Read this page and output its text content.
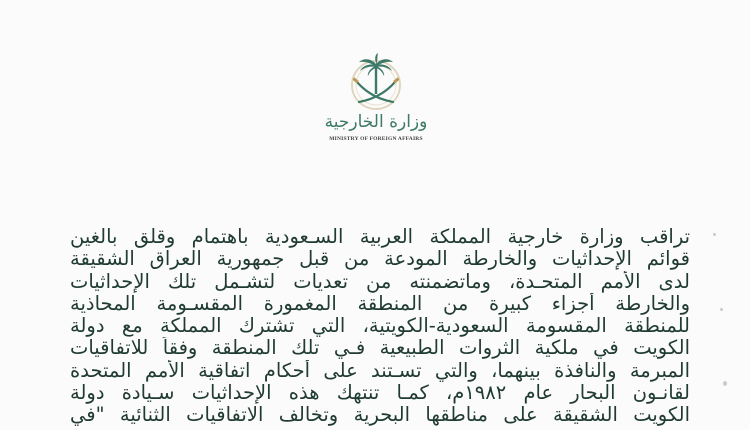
وزارة الخارجية
MINISTRY OF FOREIGN AFFAIRS
تراقب وزارة خارجية المملكة العربية السـعودية باهتمام وقلق بالغين
قوائم الإحداثيات والخارطة المودعة من قبل جمهورية العراق الشقيقة
لدى الأمم المتحـدة، وماتضمنته من تعديات لتشـمل تلك الإحداثيات
والخارطة أجزاء كبيرة من المنطقة المغمورة المقسـومة المحاذية
للمنطقة المقسومة السعودية-الكويتية، التي تشترك المملكة مع دولة
الكويت في ملكية الثروات الطبيعية فـي تلك المنطقة وفقاً للاتفاقيات
المبرمة والنافذة بينهما، والتي تسـتند على أحكام اتفاقية الأمم المتحدة
لقانـون البحار عام ١٩٨٢م، كمـا تنتهك هذه الإحداثيات سـيادة دولة
الكويت الشقيقة على مناطقها البحرية وتخالف الاتفاقيات الثنائية "في
